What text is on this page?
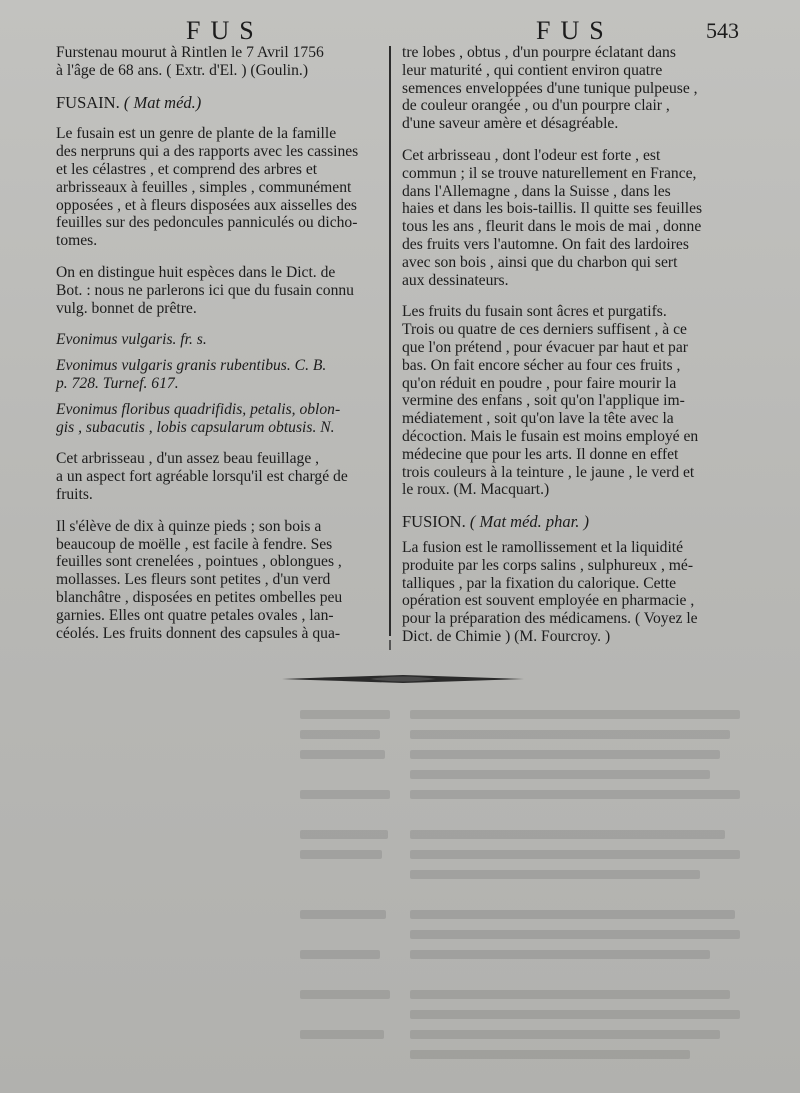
FUS	FUS	543

Furstenau mourut à Rintlen le 7 Avril 1756
à l'âge de 68 ans. ( Extr. d'El. ) (Goulin.)

FUSAIN. ( Mat méd.)

Le fusain est un genre de plante de la famille
des nerpruns qui a des rapports avec les cassines
et les célastres , et comprend des arbres et
arbrisseaux à feuilles , simples , communément
opposées , et à fleurs disposées aux aisselles des
feuilles sur des pedoncules panniculés ou dicho-
tomes.

On en distingue huit espèces dans le Dict. de
Bot. : nous ne parlerons ici que du fusain connu
vulg. bonnet de prêtre.

Evonimus vulgaris. fr. s.

Evonimus vulgaris granis rubentibus. C. B.
p. 728. Turnef. 617.

Evonimus floribus quadrifidis, petalis, oblon-
gis , subacutis , lobis capsularum obtusis. N.

Cet arbrisseau , d'un assez beau feuillage ,
a un aspect fort agréable lorsqu'il est chargé de
fruits.

Il s'élève de dix à quinze pieds ; son bois a
beaucoup de moëlle , est facile à fendre. Ses
feuilles sont crenelées , pointues , oblongues ,
mollasses. Les fleurs sont petites , d'un verd
blanchâtre , disposées en petites ombelles peu
garnies. Elles ont quatre petales ovales , lan-
céolés. Les fruits donnent des capsules à qua-

tre lobes , obtus , d'un pourpre éclatant dans
leur maturité , qui contient environ quatre
semences enveloppées d'une tunique pulpeuse ,
de couleur orangée , ou d'un pourpre clair ,
d'une saveur amère et désagréable.

Cet arbrisseau , dont l'odeur est forte , est
commun ; il se trouve naturellement en France,
dans l'Allemagne , dans la Suisse , dans les
haies et dans les bois-taillis. Il quitte ses feuilles
tous les ans , fleurit dans le mois de mai , donne
des fruits vers l'automne. On fait des lardoires
avec son bois , ainsi que du charbon qui sert
aux dessinateurs.

Les fruits du fusain sont âcres et purgatifs.
Trois ou quatre de ces derniers suffisent , à ce
que l'on prétend , pour évacuer par haut et par
bas. On fait encore sécher au four ces fruits ,
qu'on réduit en poudre , pour faire mourir la
vermine des enfans , soit qu'on l'applique im-
médiatement , soit qu'on lave la tête avec la
décoction. Mais le fusain est moins employé en
médecine que pour les arts. Il donne en effet
trois couleurs à la teinture , le jaune , le verd et
le roux. (M. Macquart.)

FUSION. ( Mat méd. phar. )

La fusion est le ramollissement et la liquidité
produite par les corps salins , sulphureux , mé-
talliques , par la fixation du calorique. Cette
opération est souvent employée en pharmacie ,
pour la préparation des médicamens. ( Voyez le
Dict. de Chimie ) (M. Fourcroy. )
